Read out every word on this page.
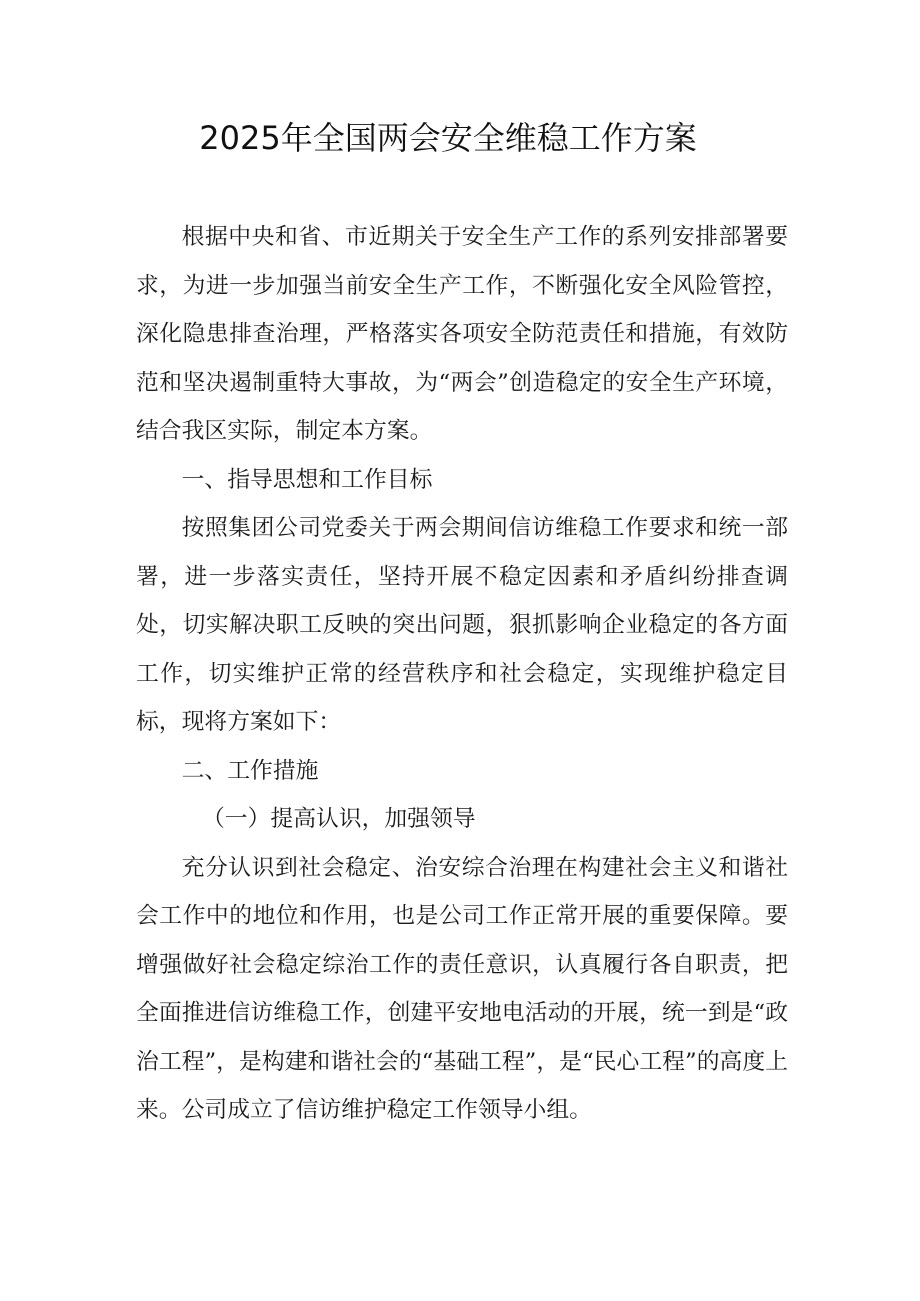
2025年全国两会安全维稳工作方案

根据中央和省、市近期关于安全生产工作的系列安排部署要求，为进一步加强当前安全生产工作，不断强化安全风险管控，深化隐患排查治理，严格落实各项安全防范责任和措施，有效防范和坚决遏制重特大事故，为“两会”创造稳定的安全生产环境，结合我区实际，制定本方案。

一、指导思想和工作目标

按照集团公司党委关于两会期间信访维稳工作要求和统一部署，进一步落实责任，坚持开展不稳定因素和矛盾纠纷排查调处，切实解决职工反映的突出问题，狠抓影响企业稳定的各方面工作，切实维护正常的经营秩序和社会稳定，实现维护稳定目标，现将方案如下：

二、工作措施

（一）提高认识，加强领导

充分认识到社会稳定、治安综合治理在构建社会主义和谐社会工作中的地位和作用，也是公司工作正常开展的重要保障。要增强做好社会稳定综治工作的责任意识，认真履行各自职责，把全面推进信访维稳工作，创建平安地电活动的开展，统一到是“政治工程”，是构建和谐社会的“基础工程”，是“民心工程”的高度上来。公司成立了信访维护稳定工作领导小组。
